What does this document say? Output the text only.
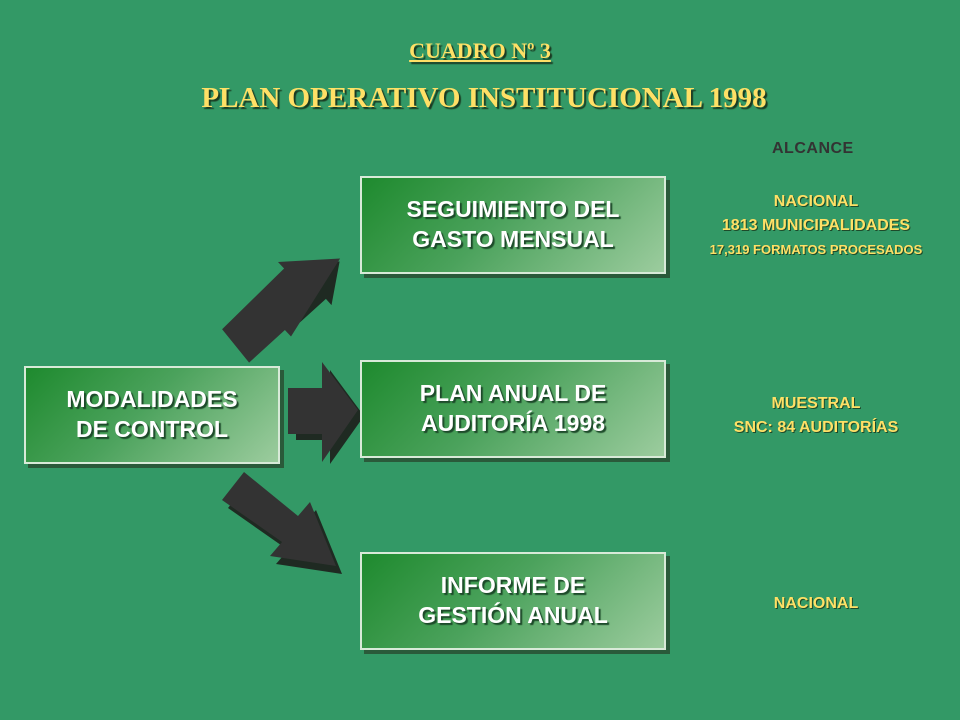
CUADRO Nº 3
PLAN OPERATIVO INSTITUCIONAL 1998
ALCANCE
MODALIDADES
DE CONTROL
SEGUIMIENTO DEL
GASTO MENSUAL
PLAN ANUAL DE
AUDITORÍA 1998
INFORME DE
GESTIÓN ANUAL
NACIONAL
1813 MUNICIPALIDADES
17,319 FORMATOS PROCESADOS
MUESTRAL
SNC: 84 AUDITORÍAS
NACIONAL
